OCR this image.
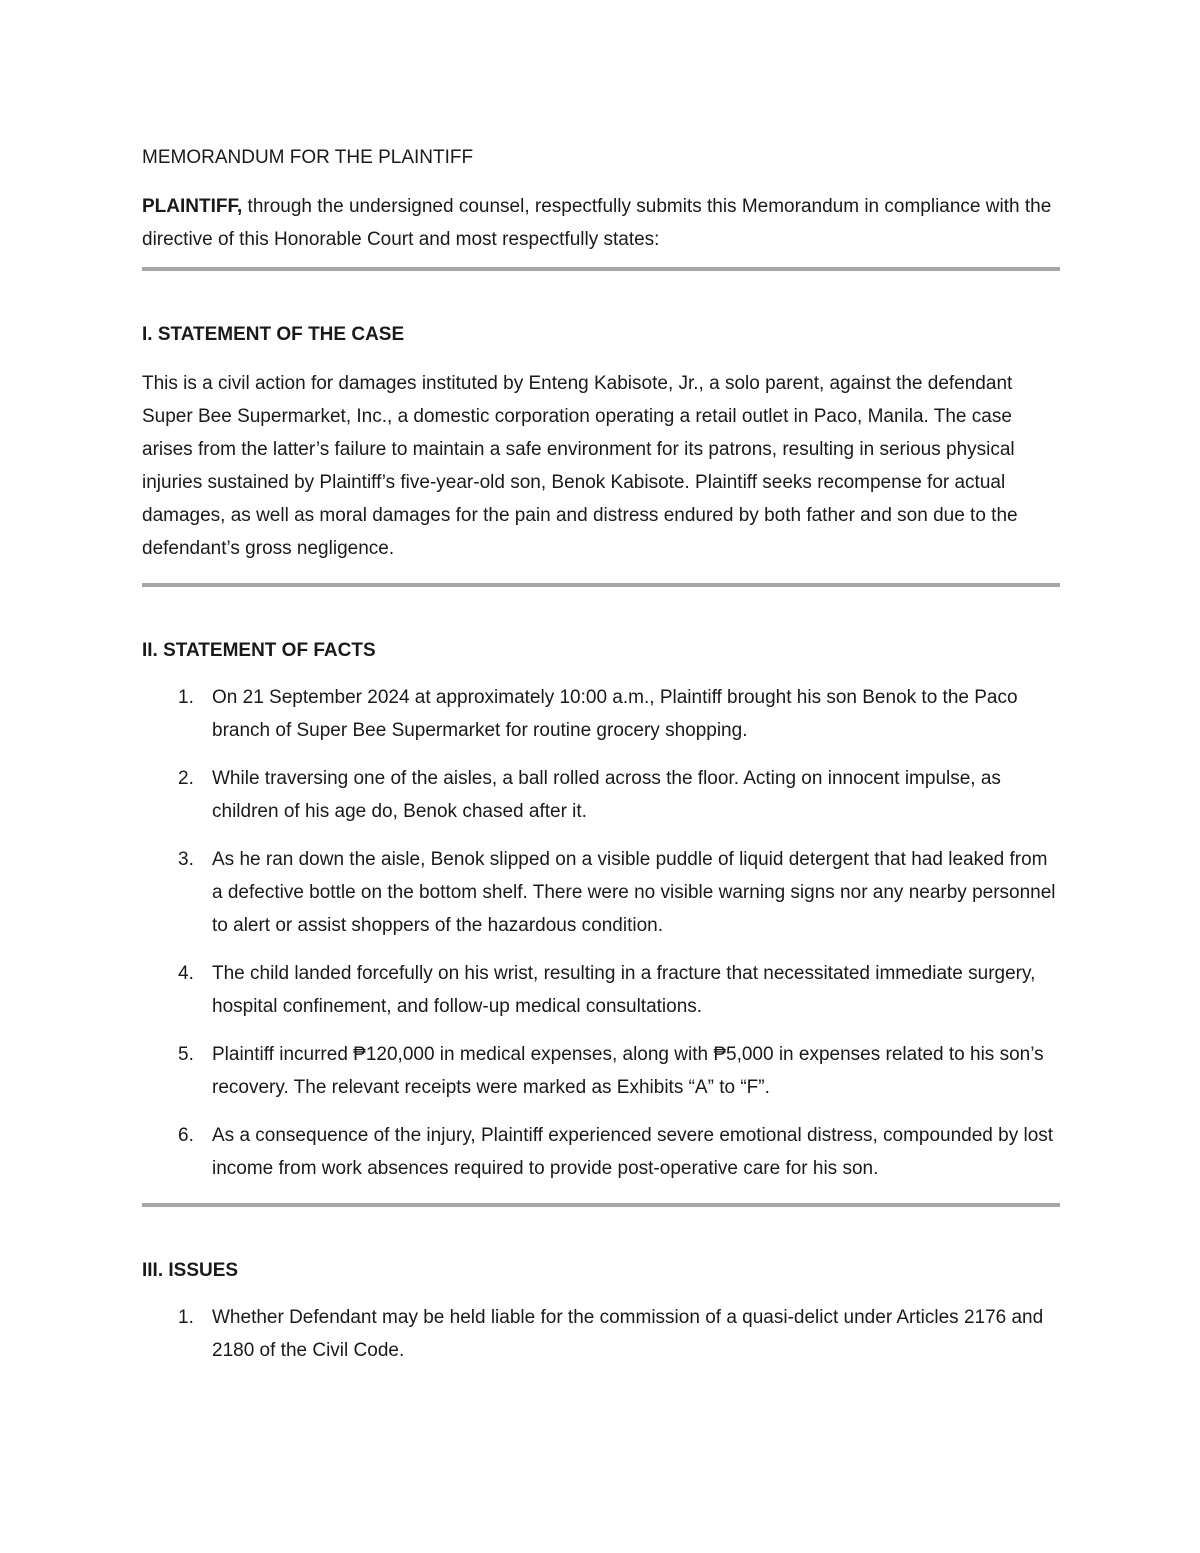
MEMORANDUM FOR THE PLAINTIFF

PLAINTIFF, through the undersigned counsel, respectfully submits this Memorandum in compliance with the directive of this Honorable Court and most respectfully states:

I. STATEMENT OF THE CASE

This is a civil action for damages instituted by Enteng Kabisote, Jr., a solo parent, against the defendant Super Bee Supermarket, Inc., a domestic corporation operating a retail outlet in Paco, Manila. The case arises from the latter’s failure to maintain a safe environment for its patrons, resulting in serious physical injuries sustained by Plaintiff’s five-year-old son, Benok Kabisote. Plaintiff seeks recompense for actual damages, as well as moral damages for the pain and distress endured by both father and son due to the defendant’s gross negligence.

II. STATEMENT OF FACTS
1. On 21 September 2024 at approximately 10:00 a.m., Plaintiff brought his son Benok to the Paco branch of Super Bee Supermarket for routine grocery shopping.
2. While traversing one of the aisles, a ball rolled across the floor. Acting on innocent impulse, as children of his age do, Benok chased after it.
3. As he ran down the aisle, Benok slipped on a visible puddle of liquid detergent that had leaked from a defective bottle on the bottom shelf. There were no visible warning signs nor any nearby personnel to alert or assist shoppers of the hazardous condition.
4. The child landed forcefully on his wrist, resulting in a fracture that necessitated immediate surgery, hospital confinement, and follow-up medical consultations.
5. Plaintiff incurred ₱120,000 in medical expenses, along with ₱5,000 in expenses related to his son’s recovery. The relevant receipts were marked as Exhibits “A” to “F”.
6. As a consequence of the injury, Plaintiff experienced severe emotional distress, compounded by lost income from work absences required to provide post-operative care for his son.
III. ISSUES
1. Whether Defendant may be held liable for the commission of a quasi-delict under Articles 2176 and 2180 of the Civil Code.
